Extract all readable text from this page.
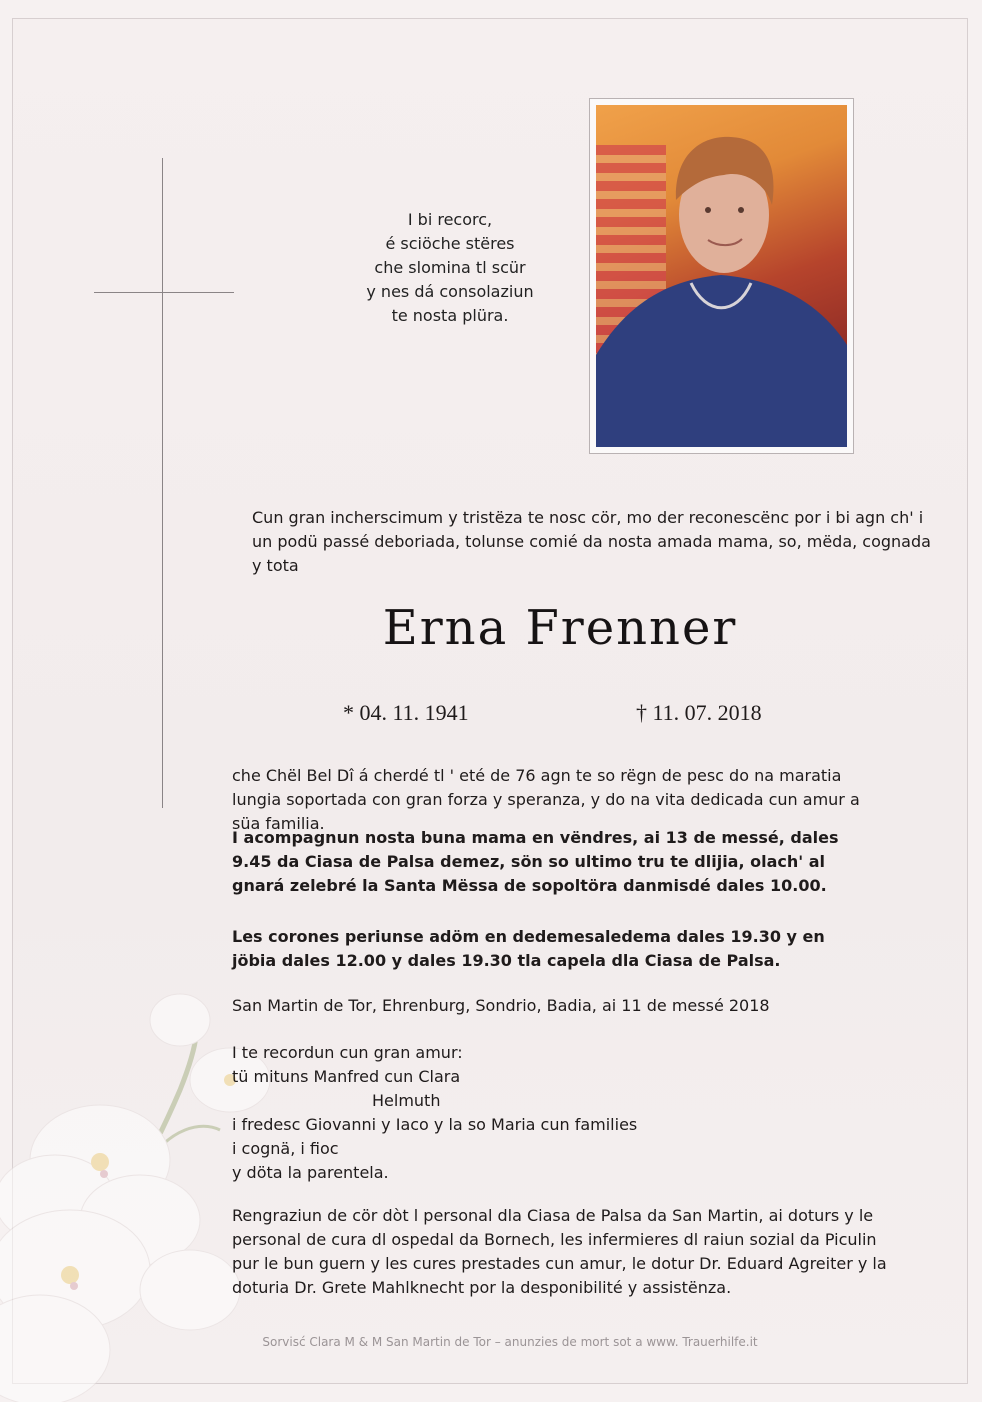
I bi recorc,
é sciöche stëres
che slomina tl scür
y nes dá consolaziun
te nosta plüra.
Cun gran incherscimum y tristëza te nosc cör, mo der reconescënc por i bi agn ch' i un podü passé deboriada, tolunse comié da nosta amada mama, so, mëda, cognada y tota
Erna Frenner
* 04. 11. 1941	† 11. 07. 2018
che Chël Bel Dî á cherdé tl ' eté de 76 agn te so rëgn de pesc do na maratia lungia soportada con gran forza y speranza, y do na vita dedicada cun amur a süa familia.
I acompagnun nosta buna mama en vëndres, ai 13 de messé, dales 9.45 da Ciasa de Palsa demez, sön so ultimo tru te dlijia, olach' al gnará zelebré la Santa Mëssa de sopoltöra danmisdé dales 10.00.
Les corones periunse adöm en dedemesaledema dales 19.30 y en jöbia dales 12.00 y dales 19.30 tla capela dla Ciasa de Palsa.
San Martin de Tor, Ehrenburg, Sondrio, Badia, ai 11 de messé 2018
I te recordun cun gran amur:
tü mituns Manfred cun Clara
Helmuth
i fredesc Giovanni y Iaco y la so Maria cun families
i cognä, i fioc
y döta la parentela.
Rengraziun de cör dòt l personal dla Ciasa de Palsa da San Martin, ai doturs y le personal de cura dl ospedal da Bornech, les infermieres dl raiun sozial da Piculin pur le bun guern y les cures prestades cun amur, le dotur Dr. Eduard Agreiter y la doturia Dr. Grete Mahlknecht por la desponibilité y assistënza.
Sorvisć Clara M & M San Martin de Tor – anunzies de mort sot a www. Trauerhilfe.it
